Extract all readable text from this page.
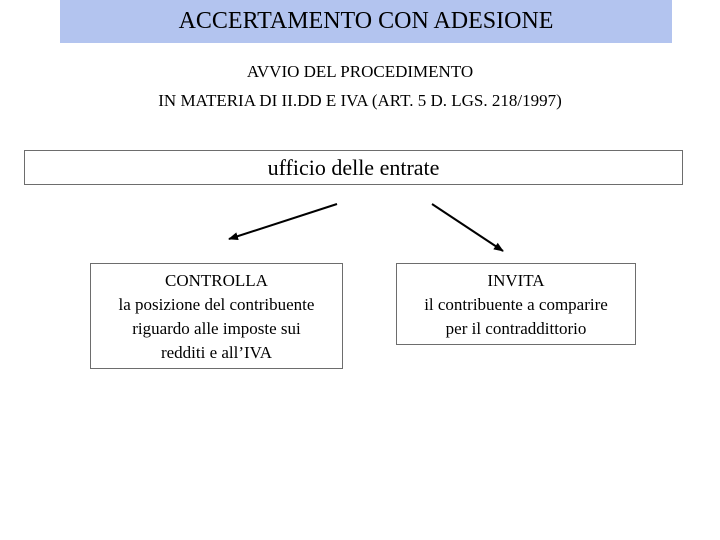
ACCERTAMENTO CON ADESIONE
AVVIO DEL PROCEDIMENTO
IN MATERIA DI II.DD E IVA (ART. 5 D. LGS. 218/1997)
ufficio delle entrate
CONTROLLA
la posizione del contribuente
riguardo alle imposte sui
redditi e all’IVA
INVITA
il contribuente a comparire
per il contraddittorio
